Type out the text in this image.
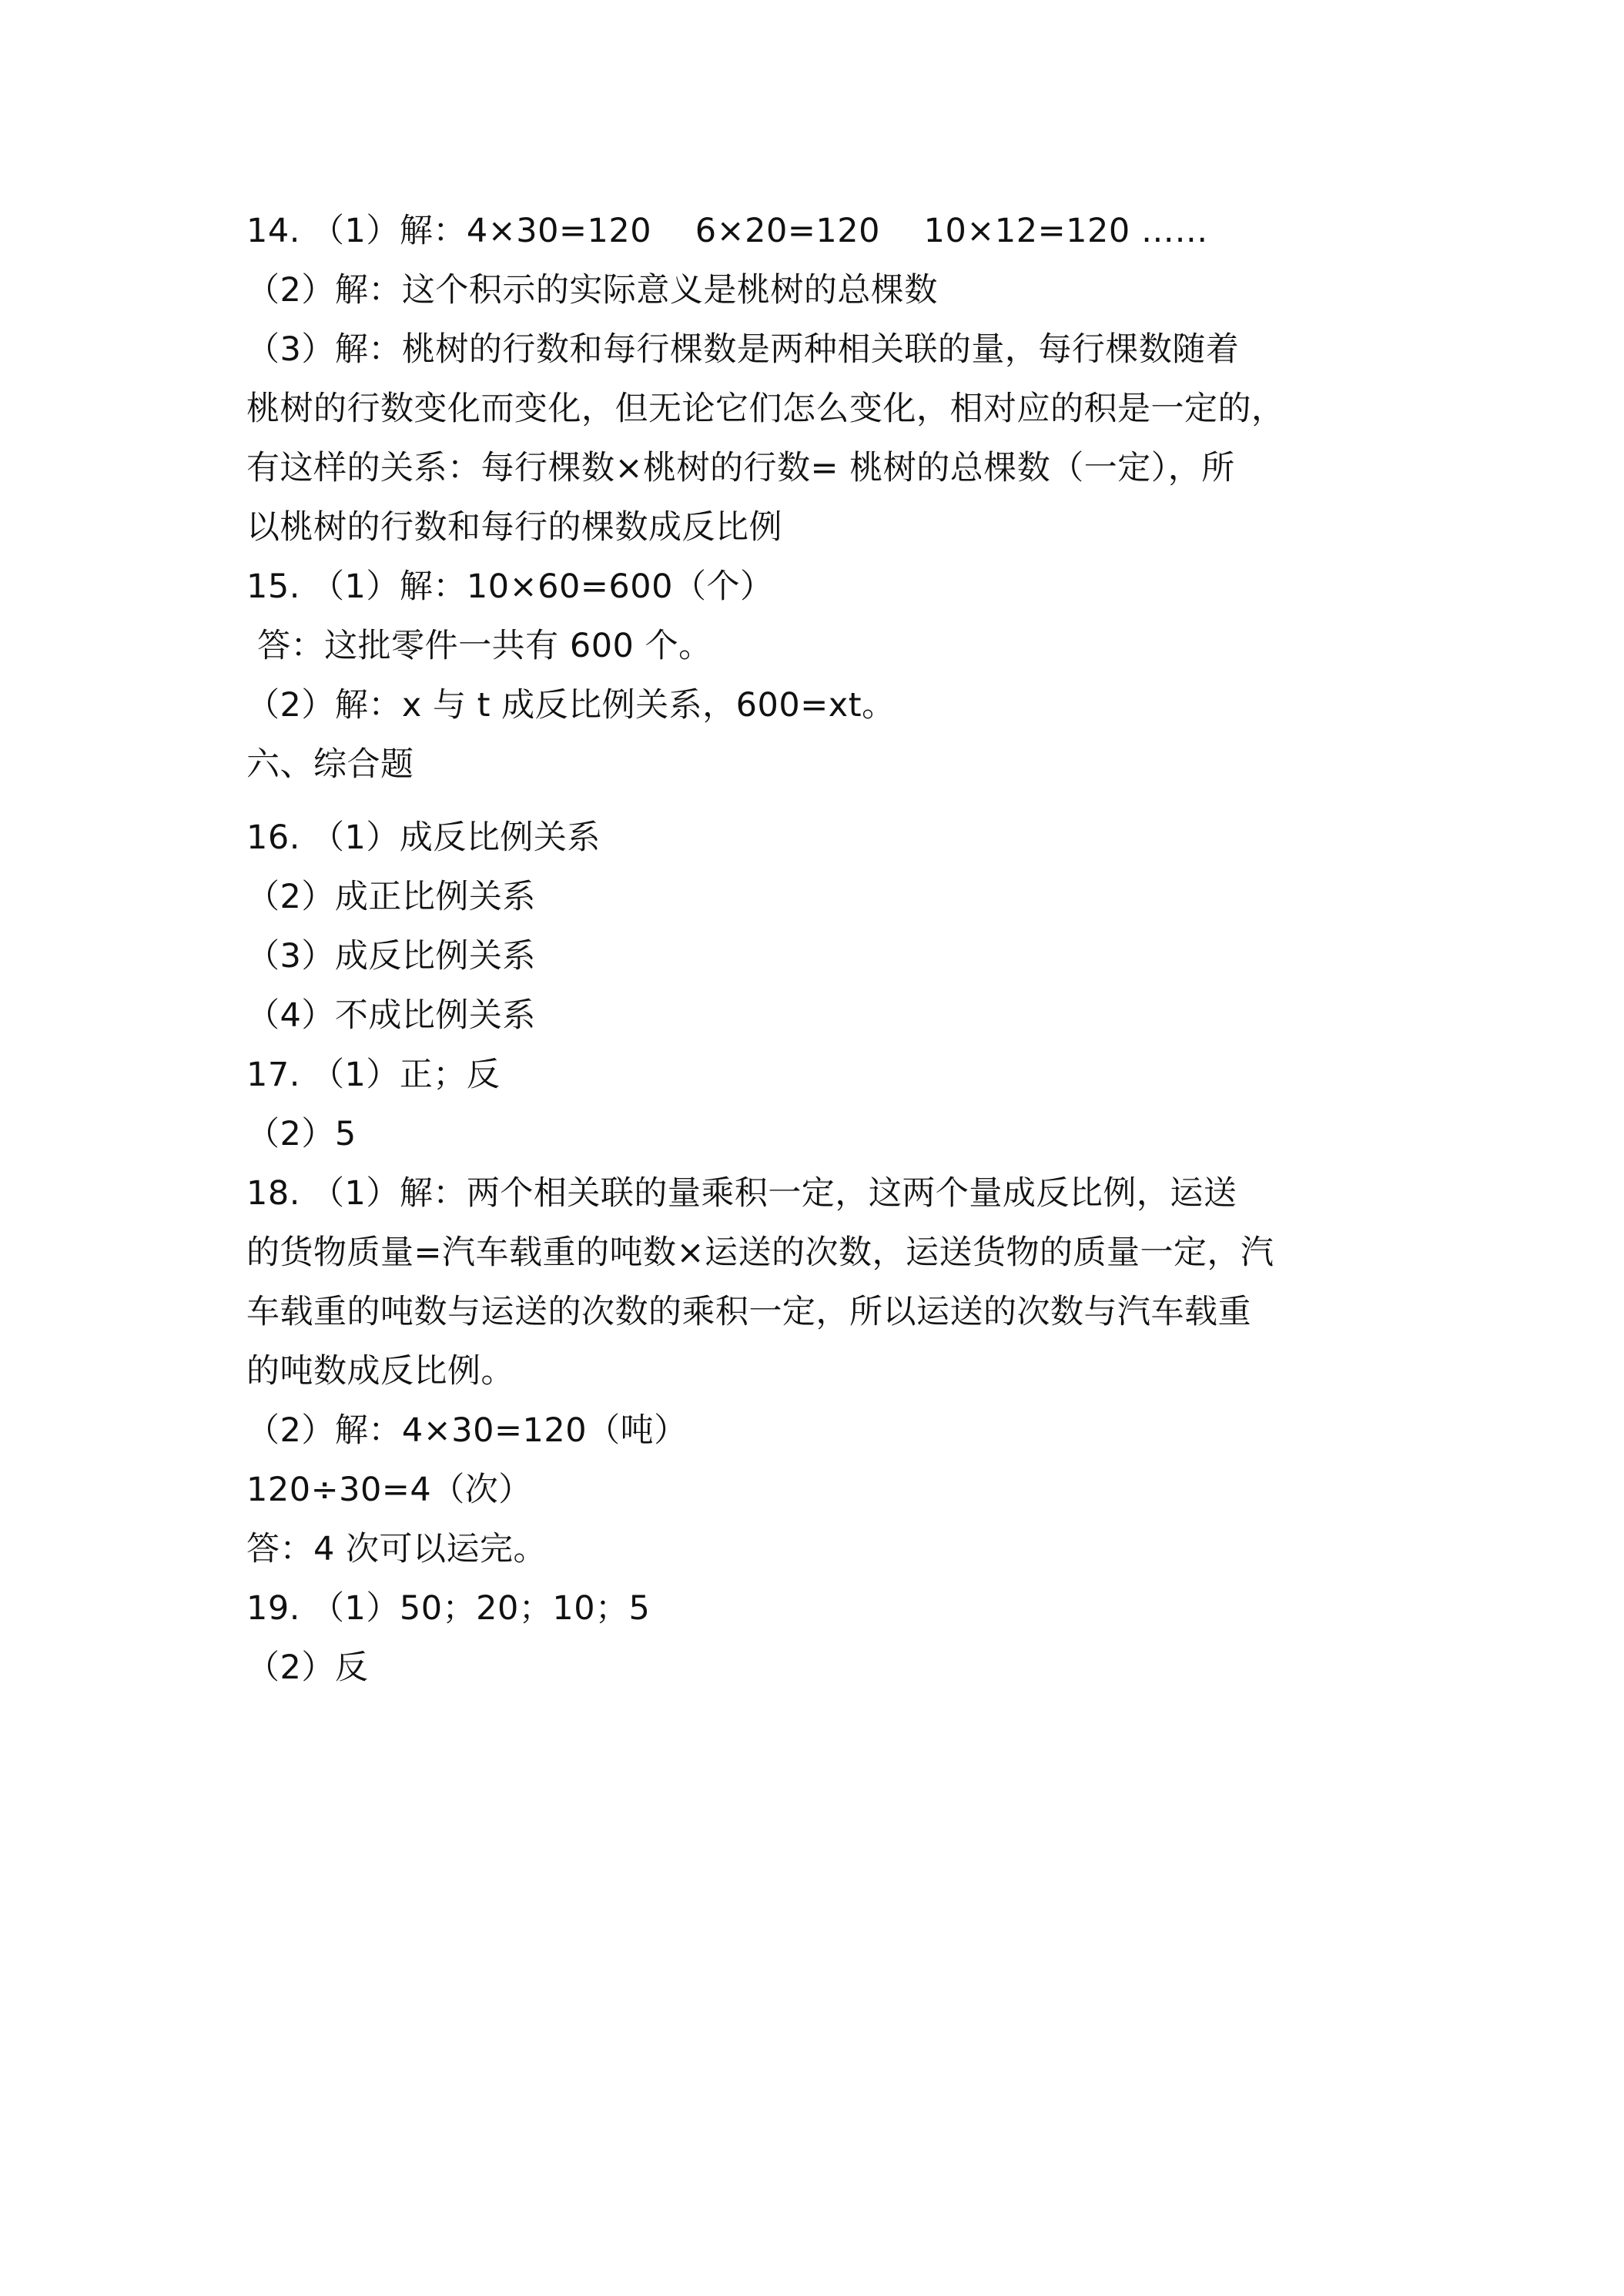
14. （1）解：4×30=120    6×20=120    10×12=120 ……
（2）解：这个积示的实际意义是桃树的总棵数
（3）解：桃树的行数和每行棵数是两种相关联的量，每行棵数随着
桃树的行数变化而变化，但无论它们怎么变化，相对应的积是一定的，
有这样的关系：每行棵数×桃树的行数= 桃树的总棵数（一定），所
以桃树的行数和每行的棵数成反比例
15. （1）解：10×60=600（个）
答：这批零件一共有 600 个。
（2）解：x 与 t 成反比例关系，600=xt。
六、综合题
16. （1）成反比例关系
（2）成正比例关系
（3）成反比例关系
（4）不成比例关系
17. （1）正；反
（2）5
18. （1）解：两个相关联的量乘积一定，这两个量成反比例，运送
的货物质量=汽车载重的吨数×运送的次数，运送货物的质量一定，汽
车载重的吨数与运送的次数的乘积一定，所以运送的次数与汽车载重
的吨数成反比例。
（2）解：4×30=120（吨）
120÷30=4（次）
答：4 次可以运完。
19. （1）50；20；10；5
（2）反
